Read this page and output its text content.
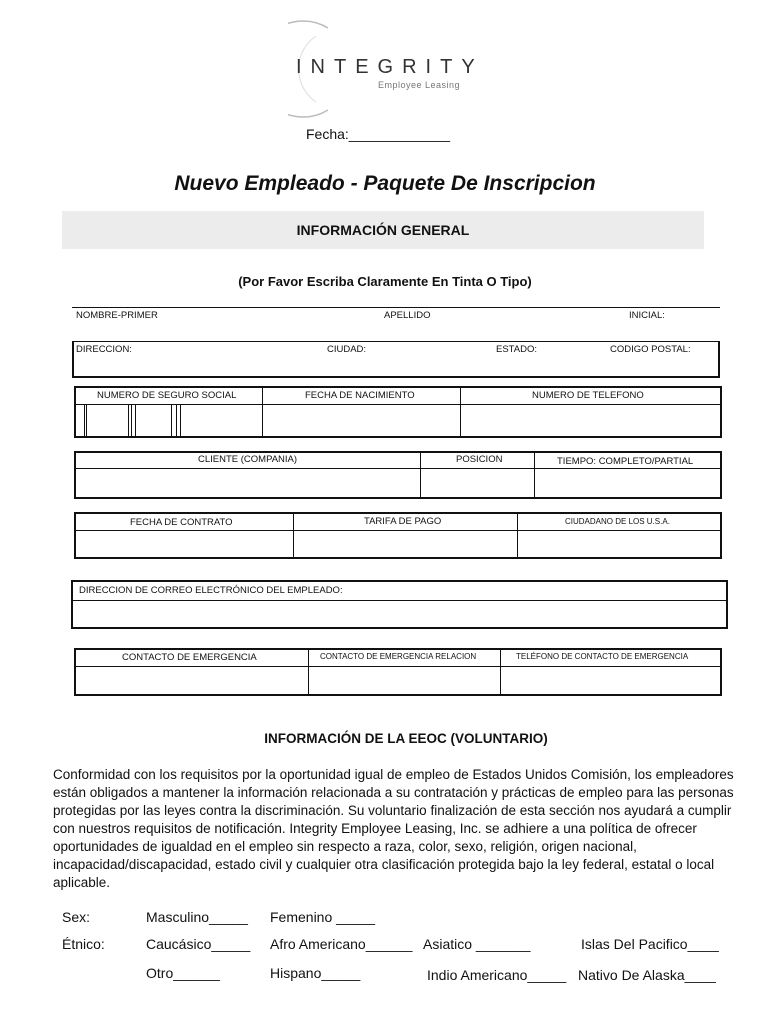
INTEGRITY
Employee Leasing
Fecha:_____________
Nuevo Empleado - Paquete De Inscripcion
INFORMACIÓN GENERAL
(Por Favor Escriba Claramente En Tinta O Tipo)
NOMBRE-PRIMER	APELLIDO	INICIAL:
DIRECCION:	CIUDAD:	ESTADO:	CODIGO POSTAL:
NUMERO DE SEGURO SOCIAL	FECHA DE NACIMIENTO	NUMERO DE TELEFONO
CLIENTE (COMPANIA)	POSICION	TIEMPO: COMPLETO/PARTIAL
FECHA DE CONTRATO	TARIFA DE PAGO	CIUDADANO DE LOS U.S.A.
DIRECCION DE CORREO ELECTRÓNICO DEL EMPLEADO:
CONTACTO DE EMERGENCIA	CONTACTO DE EMERGENCIA RELACION	TELÉFONO DE CONTACTO DE EMERGENCIA
INFORMACIÓN DE LA EEOC (VOLUNTARIO)
Conformidad con los requisitos por la oportunidad igual de empleo de Estados Unidos Comisión, los empleadores están obligados a mantener la información relacionada a su contratación y prácticas de empleo para las personas protegidas por las leyes contra la discriminación. Su voluntario finalización de esta sección nos ayudará a cumplir con nuestros requisitos de notificación. Integrity Employee Leasing, Inc. se adhiere a una política de ofrecer oportunidades de igualdad en el empleo sin respecto a raza, color, sexo, religión, origen nacional, incapacidad/discapacidad, estado civil y cualquier otra clasificación protegida bajo la ley federal, estatal o local aplicable.
Sex:	Masculino_____ Femenino _____
Étnico:	Caucásico_____ Afro Americano______ Asiatico _______	Islas Del Pacifico____
Otro______	Hispano_____	Indio Americano_____ Nativo De Alaska____
